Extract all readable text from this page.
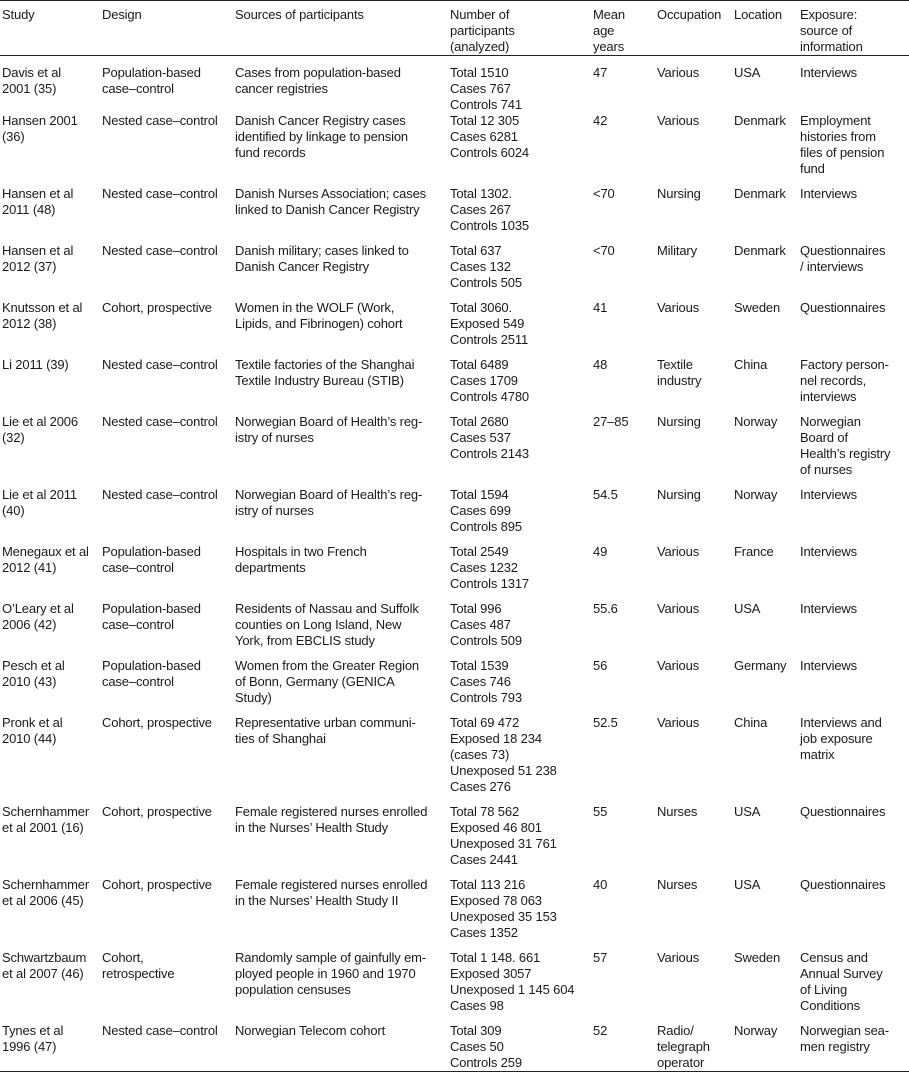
Study	Design	Sources of participants	Number of
participants
(analyzed)	Mean
age
years	Occupation	Location	Exposure:
source of
information

Davis et al
2001 (35)	Population-based
case–control	Cases from population-based
cancer registries	Total 1510
Cases 767
Controls 741	47	Various	USA	Interviews

Hansen 2001
(36)	Nested case–control	Danish Cancer Registry cases
identified by linkage to pension
fund records	Total 12 305
Cases 6281
Controls 6024	42	Various	Denmark	Employment
histories from
files of pension
fund

Hansen et al
2011 (48)	Nested case–control	Danish Nurses Association; cases
linked to Danish Cancer Registry	Total 1302.
Cases 267
Controls 1035	<70	Nursing	Denmark	Interviews

Hansen et al
2012 (37)	Nested case–control	Danish military; cases linked to
Danish Cancer Registry	Total 637
Cases 132
Controls 505	<70	Military	Denmark	Questionnaires
/ interviews

Knutsson et al
2012 (38)	Cohort, prospective	Women in the WOLF (Work,
Lipids, and Fibrinogen) cohort	Total 3060.
Exposed 549
Controls 2511	41	Various	Sweden	Questionnaires

Li 2011 (39)	Nested case–control	Textile factories of the Shanghai
Textile Industry Bureau (STIB)	Total 6489
Cases 1709
Controls 4780	48	Textile
industry	China	Factory person-
nel records,
interviews

Lie et al 2006
(32)	Nested case–control	Norwegian Board of Health’s reg-
istry of nurses	Total 2680
Cases 537
Controls 2143	27–85	Nursing	Norway	Norwegian
Board of
Health’s registry
of nurses

Lie et al 2011
(40)	Nested case–control	Norwegian Board of Health’s reg-
istry of nurses	Total 1594
Cases 699
Controls 895	54.5	Nursing	Norway	Interviews

Menegaux et al
2012 (41)	Population-based
case–control	Hospitals in two French
departments	Total 2549
Cases 1232
Controls 1317	49	Various	France	Interviews

O’Leary et al
2006 (42)	Population-based
case–control	Residents of Nassau and Suffolk
counties on Long Island, New
York, from EBCLIS study	Total 996
Cases 487
Controls 509	55.6	Various	USA	Interviews

Pesch et al
2010 (43)	Population-based
case–control	Women from the Greater Region
of Bonn, Germany (GENICA
Study)	Total 1539
Cases 746
Controls 793	56	Various	Germany	Interviews

Pronk et al
2010 (44)	Cohort, prospective	Representative urban communi-
ties of Shanghai	Total 69 472
Exposed 18 234
(cases 73)
Unexposed 51 238
Cases 276	52.5	Various	China	Interviews and
job exposure
matrix

Schernhammer
et al 2001 (16)	Cohort, prospective	Female registered nurses enrolled
in the Nurses’ Health Study	Total 78 562
Exposed 46 801
Unexposed 31 761
Cases 2441	55	Nurses	USA	Questionnaires

Schernhammer
et al 2006 (45)	Cohort, prospective	Female registered nurses enrolled
in the Nurses’ Health Study II	Total 113 216
Exposed 78 063
Unexposed 35 153
Cases 1352	40	Nurses	USA	Questionnaires

Schwartzbaum
et al 2007 (46)	Cohort,
retrospective	Randomly sample of gainfully em-
ployed people in 1960 and 1970
population censuses	Total 1 148. 661
Exposed 3057
Unexposed 1 145 604
Cases 98	57	Various	Sweden	Census and
Annual Survey
of Living
Conditions

Tynes et al
1996 (47)	Nested case–control	Norwegian Telecom cohort	Total 309
Cases 50
Controls 259	52	Radio/
telegraph
operator	Norway	Norwegian sea-
men registry
